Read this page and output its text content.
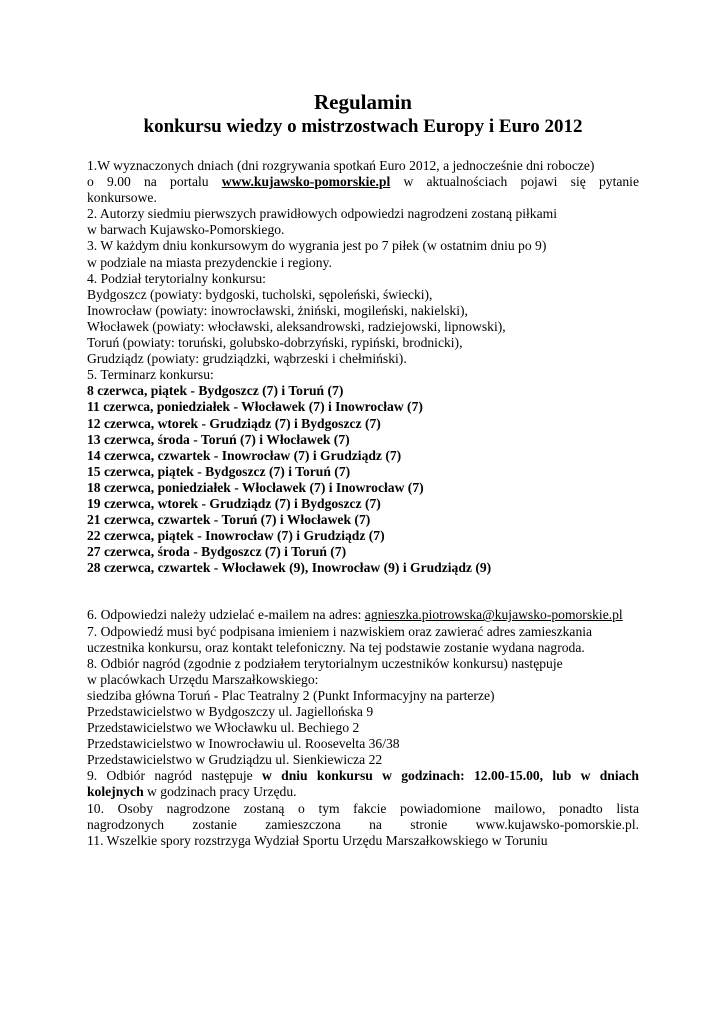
Regulamin
konkursu wiedzy o mistrzostwach Europy i Euro 2012
1.W wyznaczonych dniach (dni rozgrywania spotkań Euro 2012, a jednocześnie dni robocze)
o 9.00 na portalu www.kujawsko-pomorskie.pl w aktualnościach pojawi się pytanie
konkursowe.
2. Autorzy siedmiu pierwszych prawidłowych odpowiedzi nagrodzeni zostaną piłkami
w barwach Kujawsko-Pomorskiego.
3. W każdym dniu konkursowym do wygrania jest po 7 piłek (w ostatnim dniu po 9)
w podziale na miasta prezydenckie i regiony.
4. Podział terytorialny konkursu:
Bydgoszcz (powiaty: bydgoski, tucholski, sępoleński, świecki),
Inowrocław (powiaty: inowrocławski, żniński, mogileński, nakielski),
Włocławek (powiaty: włocławski, aleksandrowski, radziejowski, lipnowski),
Toruń (powiaty: toruński, golubsko-dobrzyński, rypiński, brodnicki),
Grudziądz (powiaty: grudziądzki, wąbrzeski i chełmiński).
5. Terminarz konkursu:
8 czerwca, piątek - Bydgoszcz (7) i Toruń (7)
11 czerwca, poniedziałek - Włocławek (7) i Inowrocław (7)
12 czerwca, wtorek - Grudziądz (7) i Bydgoszcz (7)
13 czerwca, środa - Toruń (7) i Włocławek (7)
14 czerwca, czwartek - Inowrocław (7) i Grudziądz (7)
15 czerwca, piątek - Bydgoszcz (7) i Toruń (7)
18 czerwca, poniedziałek - Włocławek (7) i Inowrocław (7)
19 czerwca, wtorek - Grudziądz (7) i Bydgoszcz (7)
21 czerwca, czwartek - Toruń (7) i Włocławek (7)
22 czerwca, piątek - Inowrocław (7) i Grudziądz (7)
27 czerwca, środa - Bydgoszcz (7) i Toruń (7)
28 czerwca, czwartek - Włocławek (9), Inowrocław (9) i Grudziądz (9)
6. Odpowiedzi należy udzielać e-mailem na adres: agnieszka.piotrowska@kujawsko-pomorskie.pl
7. Odpowiedź musi być podpisana imieniem i nazwiskiem oraz zawierać adres zamieszkania
uczestnika konkursu, oraz kontakt telefoniczny. Na tej podstawie zostanie wydana nagroda.
8. Odbiór nagród (zgodnie z podziałem terytorialnym uczestników konkursu) następuje
w placówkach Urzędu Marszałkowskiego:
siedziba główna Toruń - Plac Teatralny 2 (Punkt Informacyjny na parterze)
Przedstawicielstwo w Bydgoszczy ul. Jagiellońska 9
Przedstawicielstwo we Włocławku ul. Bechiego 2
Przedstawicielstwo w Inowrocławiu ul. Roosevelta 36/38
Przedstawicielstwo w Grudziądzu ul. Sienkiewicza 22
9. Odbiór nagród następuje w dniu konkursu w godzinach: 12.00-15.00, lub w dniach
kolejnych w godzinach pracy Urzędu.
10. Osoby nagrodzone zostaną o tym fakcie powiadomione mailowo, ponadto lista
nagrodzonych zostanie zamieszczona na stronie www.kujawsko-pomorskie.pl.
11. Wszelkie spory rozstrzyga Wydział Sportu Urzędu Marszałkowskiego w Toruniu
